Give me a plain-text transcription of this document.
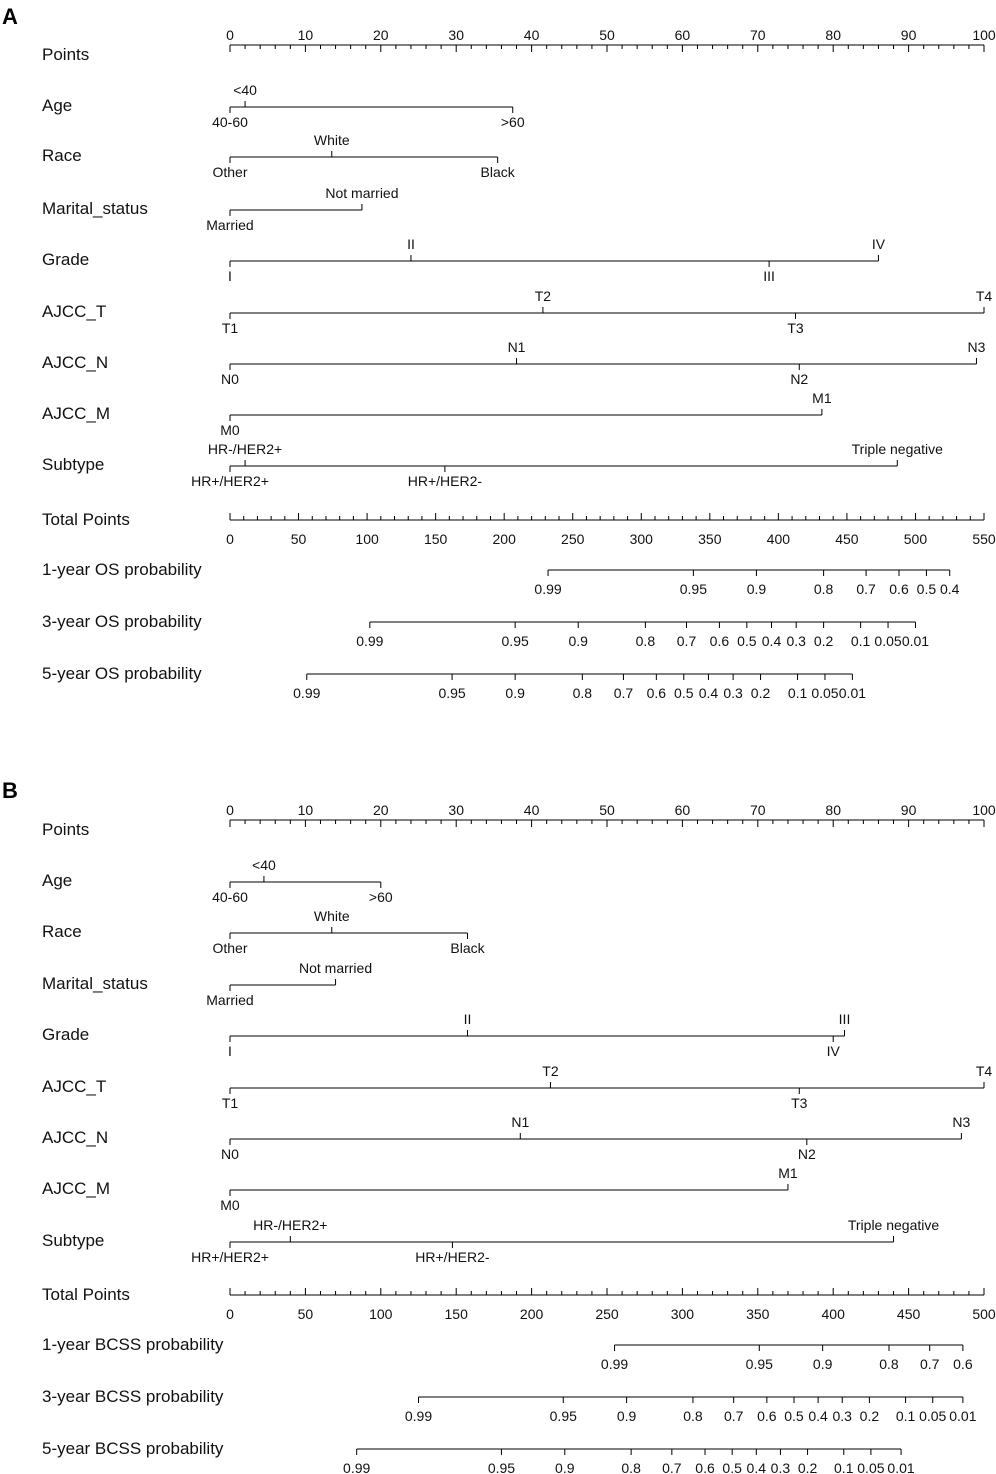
A
Points
0	10	20	30	40	50	60	70	80	90	100
Age
<40
40-60	>60
Race
White
Other	Black
Marital_status
Not married
Married
Grade
II	IV
I	III
AJCC_T
T2	T4
T1	T3
AJCC_N
N1	N3
N0	N2
AJCC_M
M1
M0
Subtype
HR-/HER2+	Triple negative
HR+/HER2+	HR+/HER2-
Total Points
0	50	100	150	200	250	300	350	400	450	500	550
1-year OS probability
0.99	0.95	0.9	0.8 0.7 0.6 0.5 0.4
3-year OS probability
0.99	0.95	0.9	0.8 0.7 0.6 0.5 0.4 0.3 0.2 0.1 0.05 0.01
5-year OS probability
0.99	0.95	0.9	0.8 0.7 0.6 0.5 0.4 0.3 0.2 0.1 0.05 0.01
B
Points
0	10	20	30	40	50	60	70	80	90	100
Age
<40
40-60	>60
Race
White
Other	Black
Marital_status
Not married
Married
Grade
II	III
I	IV
AJCC_T
T2	T4
T1	T3
AJCC_N
N1	N3
N0	N2
AJCC_M
M1
M0
Subtype
HR-/HER2+	Triple negative
HR+/HER2+	HR+/HER2-
Total Points
0	50	100	150	200	250	300	350	400	450	500
1-year BCSS probability
0.99	0.95	0.9	0.8 0.7 0.6
3-year BCSS probability
0.99	0.95	0.9	0.8 0.7 0.6 0.5 0.4 0.3 0.2 0.1 0.05 0.01
5-year BCSS probability
0.99	0.95	0.9	0.8 0.7 0.6 0.5 0.4 0.3 0.2 0.1 0.05 0.01
